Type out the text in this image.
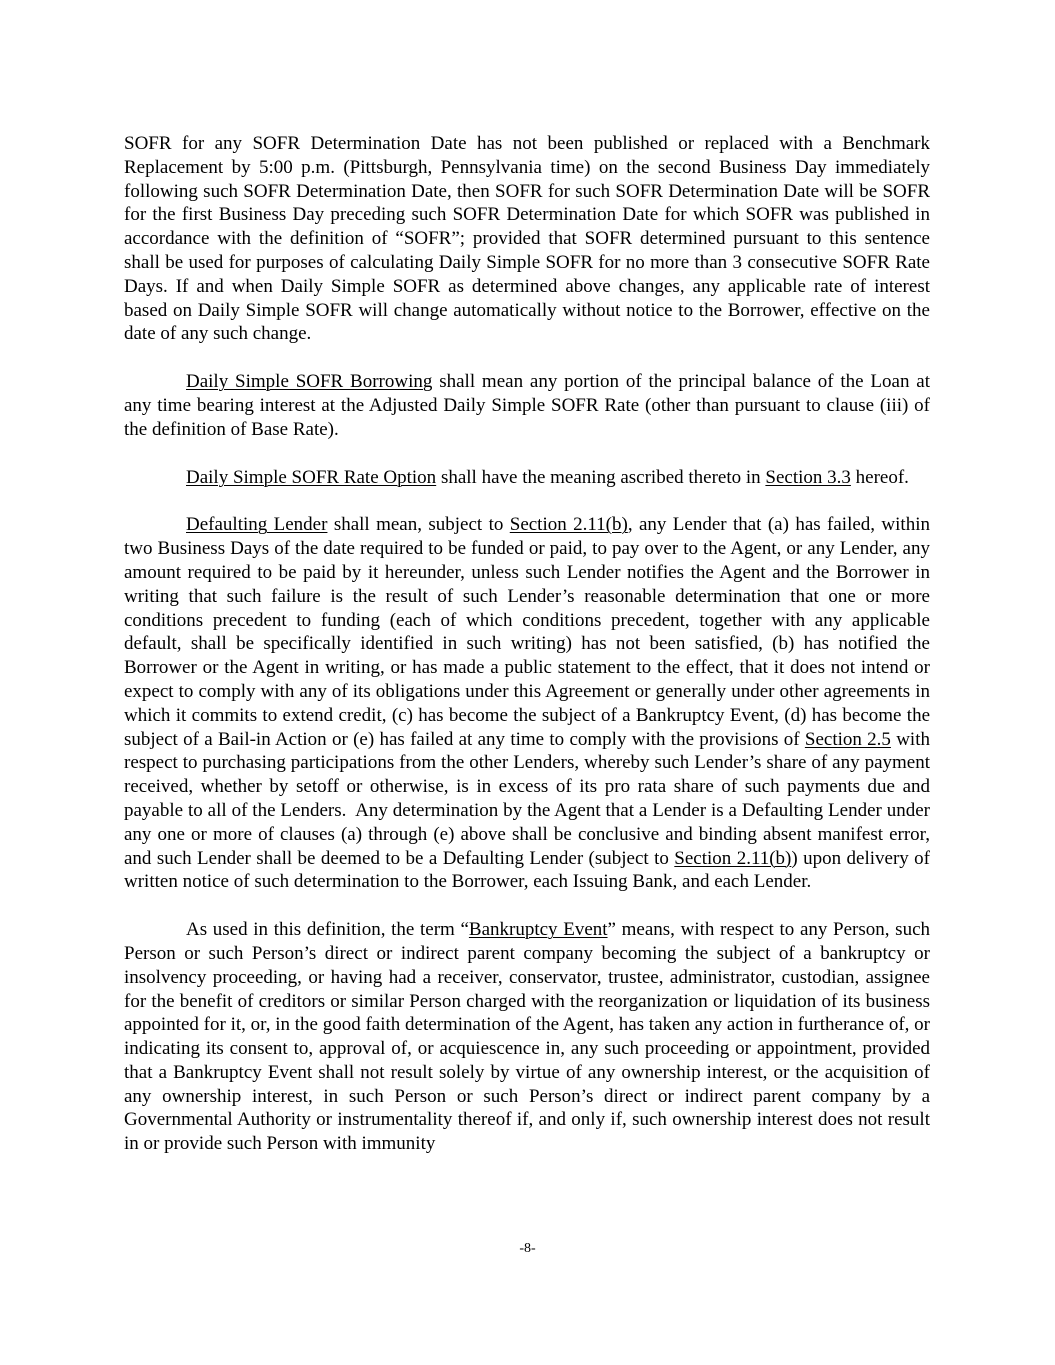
SOFR for any SOFR Determination Date has not been published or replaced with a Benchmark Replacement by 5:00 p.m. (Pittsburgh, Pennsylvania time) on the second Business Day immediately following such SOFR Determination Date, then SOFR for such SOFR Determination Date will be SOFR for the first Business Day preceding such SOFR Determination Date for which SOFR was published in accordance with the definition of “SOFR”; provided that SOFR determined pursuant to this sentence shall be used for purposes of calculating Daily Simple SOFR for no more than 3 consecutive SOFR Rate Days. If and when Daily Simple SOFR as determined above changes, any applicable rate of interest based on Daily Simple SOFR will change automatically without notice to the Borrower, effective on the date of any such change.

Daily Simple SOFR Borrowing shall mean any portion of the principal balance of the Loan at any time bearing interest at the Adjusted Daily Simple SOFR Rate (other than pursuant to clause (iii) of the definition of Base Rate).

Daily Simple SOFR Rate Option shall have the meaning ascribed thereto in Section 3.3 hereof.

Defaulting Lender shall mean, subject to Section 2.11(b), any Lender that (a) has failed, within two Business Days of the date required to be funded or paid, to pay over to the Agent, or any Lender, any amount required to be paid by it hereunder, unless such Lender notifies the Agent and the Borrower in writing that such failure is the result of such Lender’s reasonable determination that one or more conditions precedent to funding (each of which conditions precedent, together with any applicable default, shall be specifically identified in such writing) has not been satisfied, (b) has notified the Borrower or the Agent in writing, or has made a public statement to the effect, that it does not intend or expect to comply with any of its obligations under this Agreement or generally under other agreements in which it commits to extend credit, (c) has become the subject of a Bankruptcy Event, (d) has become the subject of a Bail-in Action or (e) has failed at any time to comply with the provisions of Section 2.5 with respect to purchasing participations from the other Lenders, whereby such Lender’s share of any payment received, whether by setoff or otherwise, is in excess of its pro rata share of such payments due and payable to all of the Lenders.  Any determination by the Agent that a Lender is a Defaulting Lender under any one or more of clauses (a) through (e) above shall be conclusive and binding absent manifest error, and such Lender shall be deemed to be a Defaulting Lender (subject to Section 2.11(b)) upon delivery of written notice of such determination to the Borrower, each Issuing Bank, and each Lender.

As used in this definition, the term “Bankruptcy Event” means, with respect to any Person, such Person or such Person’s direct or indirect parent company becoming the subject of a bankruptcy or insolvency proceeding, or having had a receiver, conservator, trustee, administrator, custodian, assignee for the benefit of creditors or similar Person charged with the reorganization or liquidation of its business appointed for it, or, in the good faith determination of the Agent, has taken any action in furtherance of, or indicating its consent to, approval of, or acquiescence in, any such proceeding or appointment, provided that a Bankruptcy Event shall not result solely by virtue of any ownership interest, or the acquisition of any ownership interest, in such Person or such Person’s direct or indirect parent company by a Governmental Authority or instrumentality thereof if, and only if, such ownership interest does not result in or provide such Person with immunity

-8-
